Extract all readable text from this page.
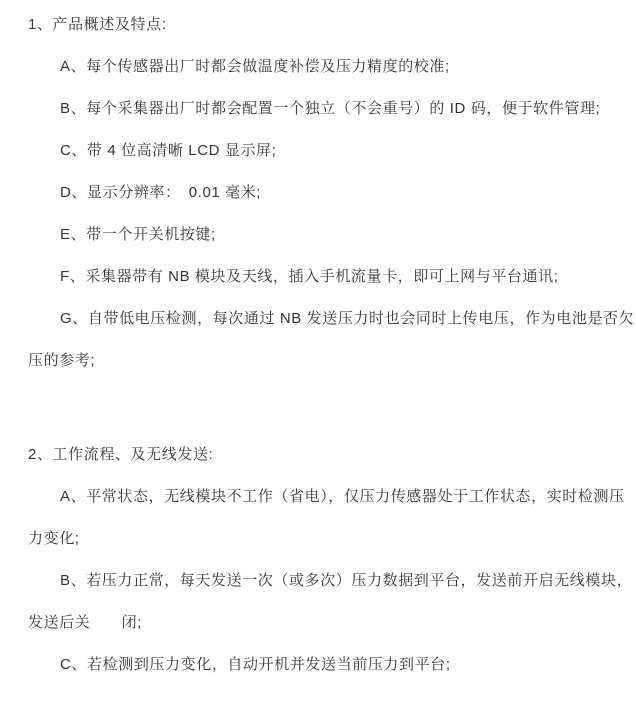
1、产品概述及特点:
A、每个传感器出厂时都会做温度补偿及压力精度的校准;
B、每个采集器出厂时都会配置一个独立（不会重号）的 ID 码，便于软件管理;
C、带 4 位高清晰 LCD 显示屏;
D、显示分辨率：　0.01 毫米;
E、带一个开关机按键;
F、采集器带有 NB 模块及天线，插入手机流量卡，即可上网与平台通讯;
G、自带低电压检测，每次通过 NB 发送压力时也会同时上传电压，作为电池是否欠
压的参考;
2、工作流程、及无线发送:
A、平常状态，无线模块不工作（省电），仅压力传感器处于工作状态，实时检测压
力变化;
B、若压力正常，每天发送一次（或多次）压力数据到平台，发送前开启无线模块，
发送后关　　闭;
C、若检测到压力变化，自动开机并发送当前压力到平台;
